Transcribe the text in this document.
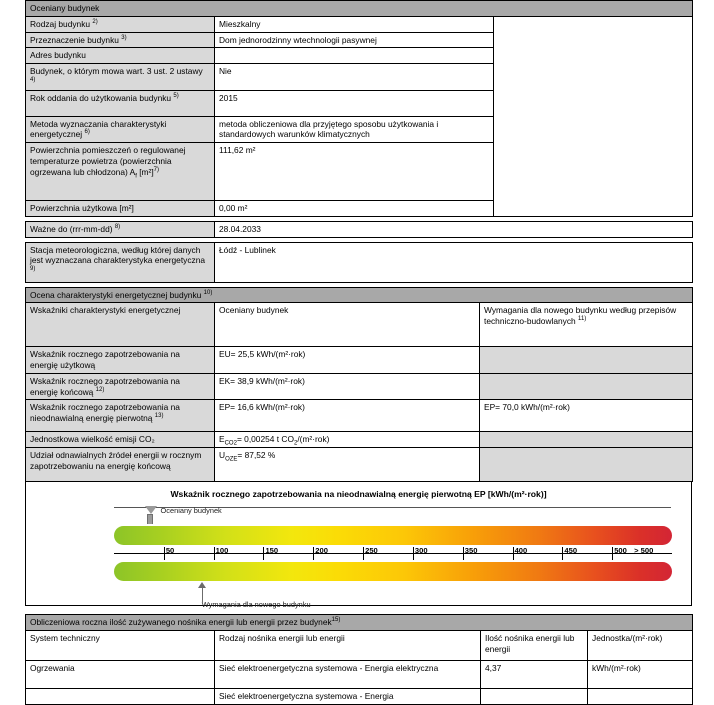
Oceniany budynek		
Rodzaj budynku $^{2)}$	Mieszkalny	
Przeznaczenie budynku $^{3)}$	Dom jednorodzinny wtechnologii pasywnej	
Adres budynku		
Budynek, o którym mowa wart. 3 ust. 2 ustawy $^{4)}$	Nie	
Rok oddania do użytkowania budynku $^{5)}$	2015	
Metoda wyznaczania charakterystyki energetycznej $^{6)}$	metoda obliczeniowa dla przyjętego sposobu użytkowania i standardowych warunków klimatycznych	
Powierzchnia pomieszczeń o regulowanej temperaturze powietrza (powierzchnia ogrzewana lub chłodzona) $A_f$ $[m^2]^{7)}$	111,62 m²	
Powierzchnia użytkowa [m²]	0,00 m²	
Ważne do (rrr-mm-dd) $^{8)}$	28.04.2033
Stacja meteorologiczna, według której danych jest wyznaczana charakterystyka energetyczna $^{9)}$	Łódź - Lublinek
Ocena charakterystyki energetycznej budynku $^{10)}$
Wskaźniki charakterystyki energetycznej	Oceniany budynek	Wymagania dla nowego budynku według przepisów techniczno-budowlanych $^{11)}$
Wskaźnik rocznego zapotrzebowania na energię użytkową	EU= 25,5 kWh/(m²·rok)	
Wskaźnik rocznego zapotrzebowania na energię końcową $^{12)}$	EK= 38,9 kWh/(m²·rok)	
Wskaźnik rocznego zapotrzebowania na nieodnawialną energię pierwotną $^{13)}$	EP= 16,6 kWh/(m²·rok)	EP= 70,0 kWh/(m²·rok)
Jednostkowa wielkość emisji CO₂	$E_{CO2}= 0,00254$ t $CO_2/(m^2\cdot rok)$	
Udział odnawialnych źródeł energii w rocznym zapotrzebowaniu na energię końcową	$U_{OZE}= 87,52$ %	
Wskaźnik rocznego zapotrzebowania na nieodnawialną energię pierwotną EP [kWh/(m²·rok)]
50	100	150	200	250	300	350	400	450	500 > 500
Oceniany budynek
Wymagania dla nowego budynku
Obliczeniowa roczna ilość zużywanego nośnika energii lub energii przez budynek$^{15)}$
System techniczny	Rodzaj nośnika energii lub energii	Ilość nośnika energii lub energii	Jednostka/(m²·rok)
Ogrzewania	Sieć elektroenergetyczna systemowa - Energia elektryczna	4,37	kWh/(m²·rok)
	Sieć elektroenergetyczna systemowa - Energia		
